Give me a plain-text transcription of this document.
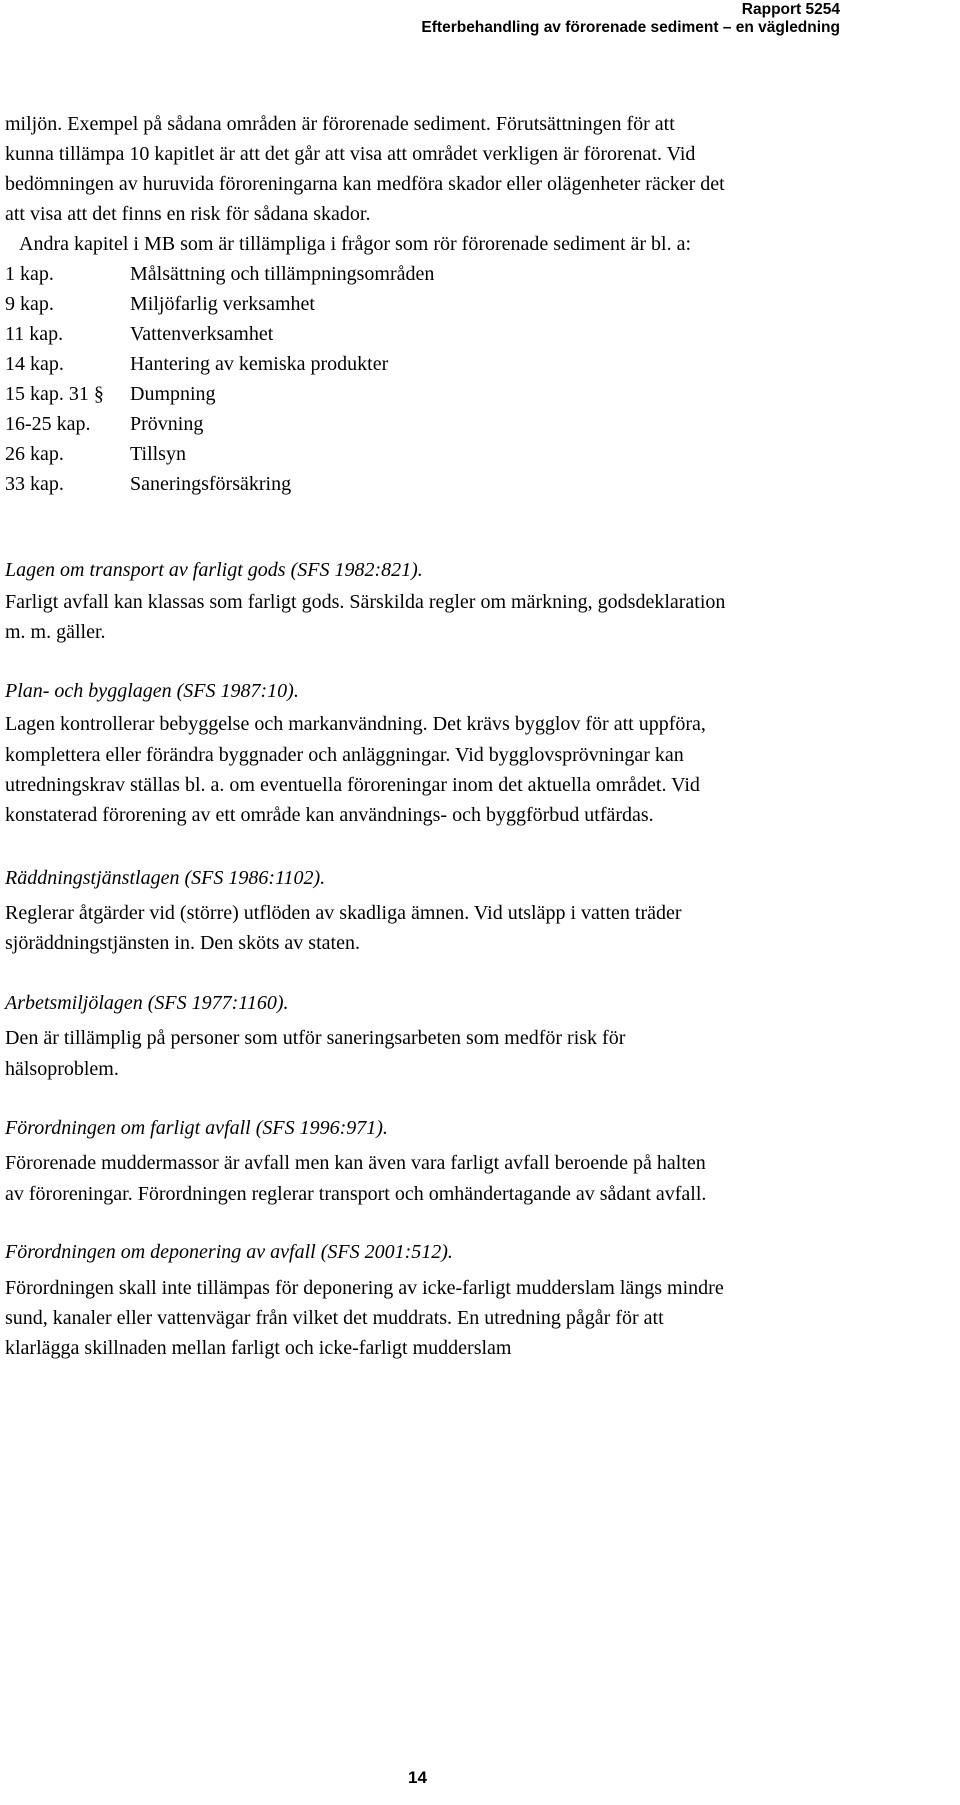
Rapport 5254
Efterbehandling av förorenade sediment – en vägledning
miljön. Exempel på sådana områden är förorenade sediment. Förutsättningen för att
kunna tillämpa 10 kapitlet är att det går att visa att området verkligen är förorenat. Vid
bedömningen av huruvida föroreningarna kan medföra skador eller olägenheter räcker det
att visa att det finns en risk för sådana skador.
Andra kapitel i MB som är tillämpliga i frågor som rör förorenade sediment är bl. a:
1 kap.	Målsättning och tillämpningsområden
9 kap.	Miljöfarlig verksamhet
11 kap.	Vattenverksamhet
14 kap.	Hantering av kemiska produkter
15 kap. 31 § Dumpning
16-25 kap. Prövning
26 kap.	Tillsyn
33 kap.	Saneringsförsäkring
Lagen om transport av farligt gods (SFS 1982:821).
Farligt avfall kan klassas som farligt gods. Särskilda regler om märkning, godsdeklaration
m. m. gäller.
Plan- och bygglagen (SFS 1987:10).
Lagen kontrollerar bebyggelse och markanvändning. Det krävs bygglov för att uppföra,
komplettera eller förändra byggnader och anläggningar. Vid bygglovsprövningar kan
utredningskrav ställas bl. a. om eventuella föroreningar inom det aktuella området. Vid
konstaterad förorening av ett område kan användnings- och byggförbud utfärdas.
Räddningstjänstlagen (SFS 1986:1102).
Reglerar åtgärder vid (större) utflöden av skadliga ämnen. Vid utsläpp i vatten träder
sjöräddningstjänsten in. Den sköts av staten.
Arbetsmiljölagen (SFS 1977:1160).
Den är tillämplig på personer som utför saneringsarbeten som medför risk för
hälsoproblem.
Förordningen om farligt avfall (SFS 1996:971).
Förorenade muddermassor är avfall men kan även vara farligt avfall beroende på halten
av föroreningar. Förordningen reglerar transport och omhändertagande av sådant avfall.
Förordningen om deponering av avfall (SFS 2001:512).
Förordningen skall inte tillämpas för deponering av icke-farligt mudderslam längs mindre
sund, kanaler eller vattenvägar från vilket det muddrats. En utredning pågår för att
klarlägga skillnaden mellan farligt och icke-farligt mudderslam
14
